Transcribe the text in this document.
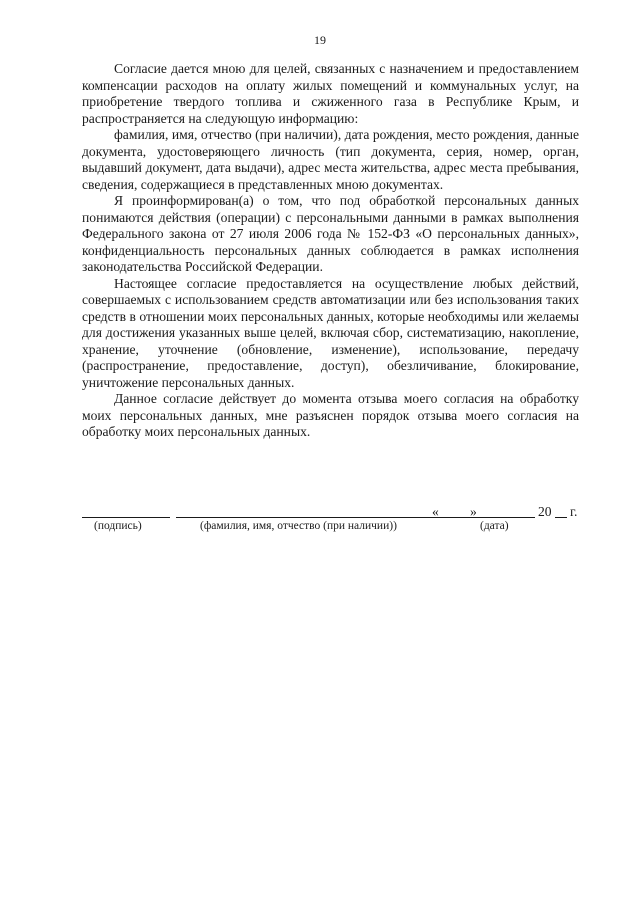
19

Согласие дается мною для целей, связанных с назначением и предоставлением компенсации расходов на оплату жилых помещений и коммунальных услуг, на приобретение твердого топлива и сжиженного газа в Республике Крым, и распространяется на следующую информацию:

фамилия, имя, отчество (при наличии), дата рождения, место рождения, данные документа, удостоверяющего личность (тип документа, серия, номер, орган, выдавший документ, дата выдачи), адрес места жительства, адрес места пребывания, сведения, содержащиеся в представленных мною документах.

Я проинформирован(а) о том, что под обработкой персональных данных понимаются действия (операции) с персональными данными в рамках выполнения Федерального закона от 27 июля 2006 года № 152-ФЗ «О персональных данных», конфиденциальность персональных данных соблюдается в рамках исполнения законодательства Российской Федерации.

Настоящее согласие предоставляется на осуществление любых действий, совершаемых с использованием средств автоматизации или без использования таких средств в отношении моих персональных данных, которые необходимы или желаемы для достижения указанных выше целей, включая сбор, систематизацию, накопление, хранение, уточнение (обновление, изменение), использование, передачу (распространение, предоставление, доступ), обезличивание, блокирование, уничтожение персональных данных.

Данное согласие действует до момента отзыва моего согласия на обработку моих персональных данных, мне разъяснен порядок отзыва моего согласия на обработку моих персональных данных.

« »	20 г.
(подпись)	(фамилия, имя, отчество (при наличии))	(дата)
